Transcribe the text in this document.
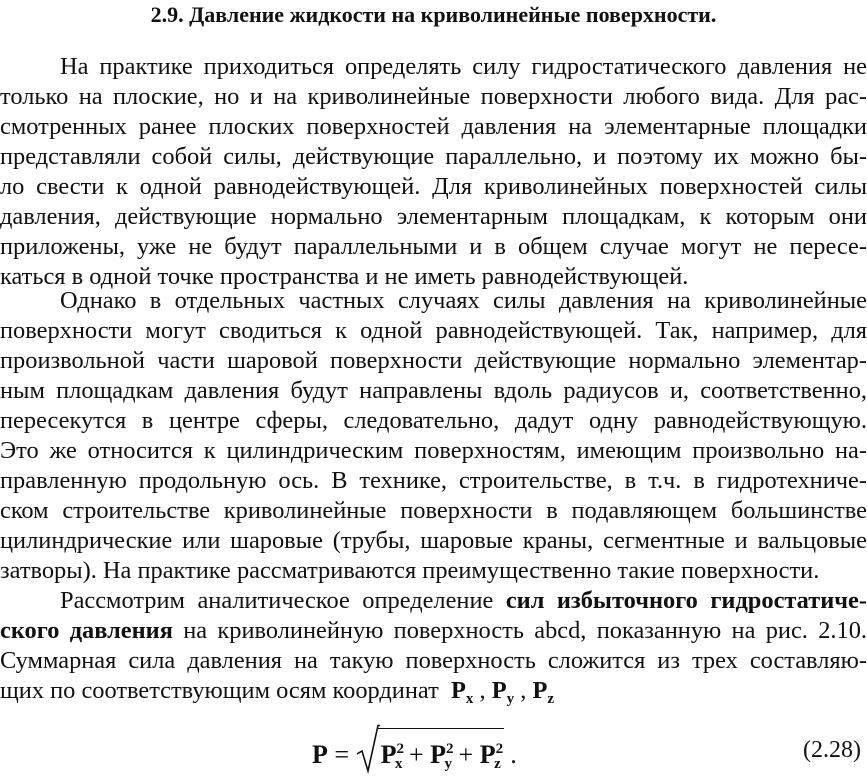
2.9. Давление жидкости на криволинейные поверхности.
На практике приходиться определять силу гидростатического давления не
только на плоские, но и на криволинейные поверхности любого вида. Для рас-
смотренных ранее плоских поверхностей давления на элементарные площадки
представляли собой силы, действующие параллельно, и поэтому их можно бы-
ло свести к одной равнодействующей. Для криволинейных поверхностей силы
давления, действующие нормально элементарным площадкам, к которым они
приложены, уже не будут параллельными и в общем случае могут не пересе-
каться в одной точке пространства и не иметь равнодействующей.
Однако в отдельных частных случаях силы давления на криволинейные
поверхности могут сводиться к одной равнодействующей. Так, например, для
произвольной части шаровой поверхности действующие нормально элементар-
ным площадкам давления будут направлены вдоль радиусов и, соответственно,
пересекутся в центре сферы, следовательно, дадут одну равнодействующую.
Это же относится к цилиндрическим поверхностям, имеющим произвольно на-
правленную продольную ось. В технике, строительстве, в т.ч. в гидротехниче-
ском строительстве криволинейные поверхности в подавляющем большинстве
цилиндрические или шаровые (трубы, шаровые краны, сегментные и вальцовые
затворы). На практике рассматриваются преимущественно такие поверхности.
Рассмотрим аналитическое определение сил избыточного гидростатиче-
ского давления на криволинейную поверхность abcd, показанную на рис. 2.10.
Суммарная сила давления на такую поверхность сложится из трех составляю-
щих по соответствующим осям координат $P_x$ , $P_y$ , $P_z$
$P = P^2_x + P^2_y + P^2_z$ .	(2.28)
